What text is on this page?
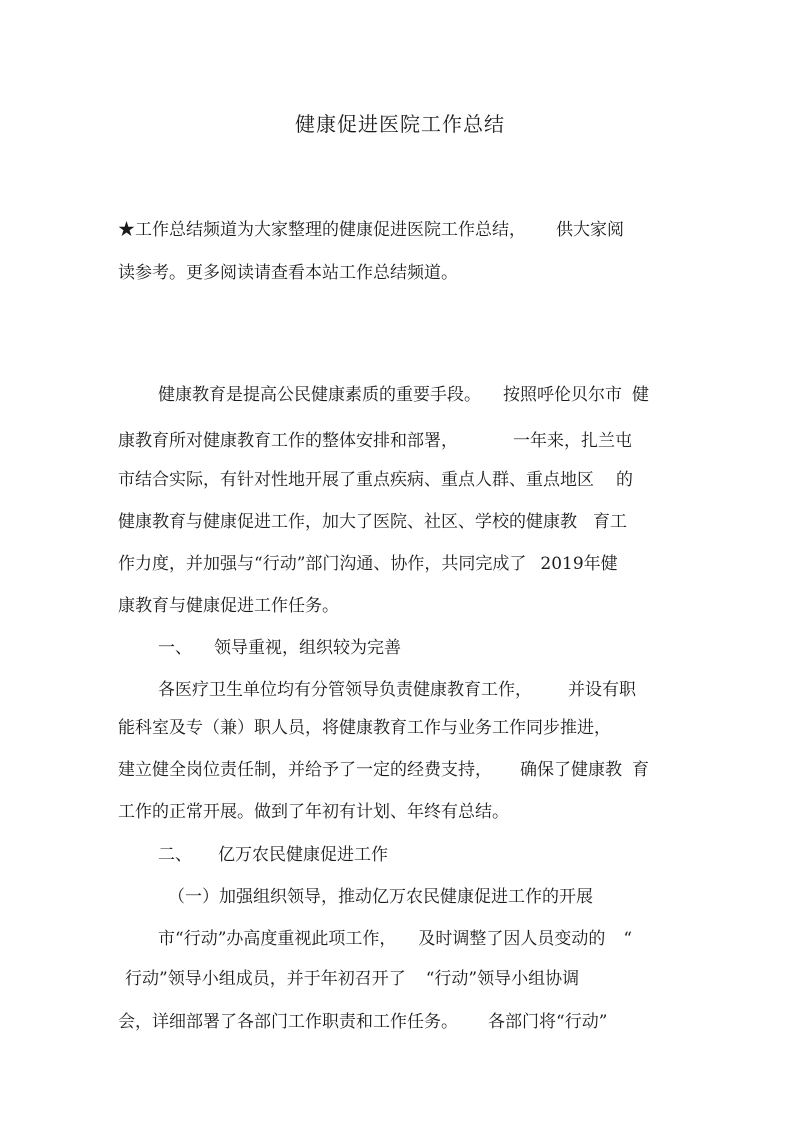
健康促进医院工作总结
★工作总结频道为大家整理的健康促进医院工作总结， 供大家阅
读参考。更多阅读请查看本站工作总结频道。
健康教育是提高公民健康素质的重要手段。 按照呼伦贝尔市 健
康教育所对健康教育工作的整体安排和部署，	一年来，扎兰屯
市结合实际，有针对性地开展了重点疾病、重点人群、重点地区 的
健康教育与健康促进工作，加大了医院、社区、学校的健康教 育工
作力度，并加强与“行动”部门沟通、协作，共同完成了 2019年健
康教育与健康促进工作任务。
一、 领导重视，组织较为完善
各医疗卫生单位均有分管领导负责健康教育工作， 并设有职
能科室及专（兼）职人员，将健康教育工作与业务工作同步推进，
建立健全岗位责任制，并给予了一定的经费支持， 确保了健康教 育
工作的正常开展。做到了年初有计划、年终有总结。
二、 亿万农民健康促进工作
（一）加强组织领导，推动亿万农民健康促进工作的开展
市“行动”办高度重视此项工作， 及时调整了因人员变动的 “
行动”领导小组成员，并于年初召开了 “行动”领导小组协调
会，详细部署了各部门工作职责和工作任务。 各部门将“行动”
